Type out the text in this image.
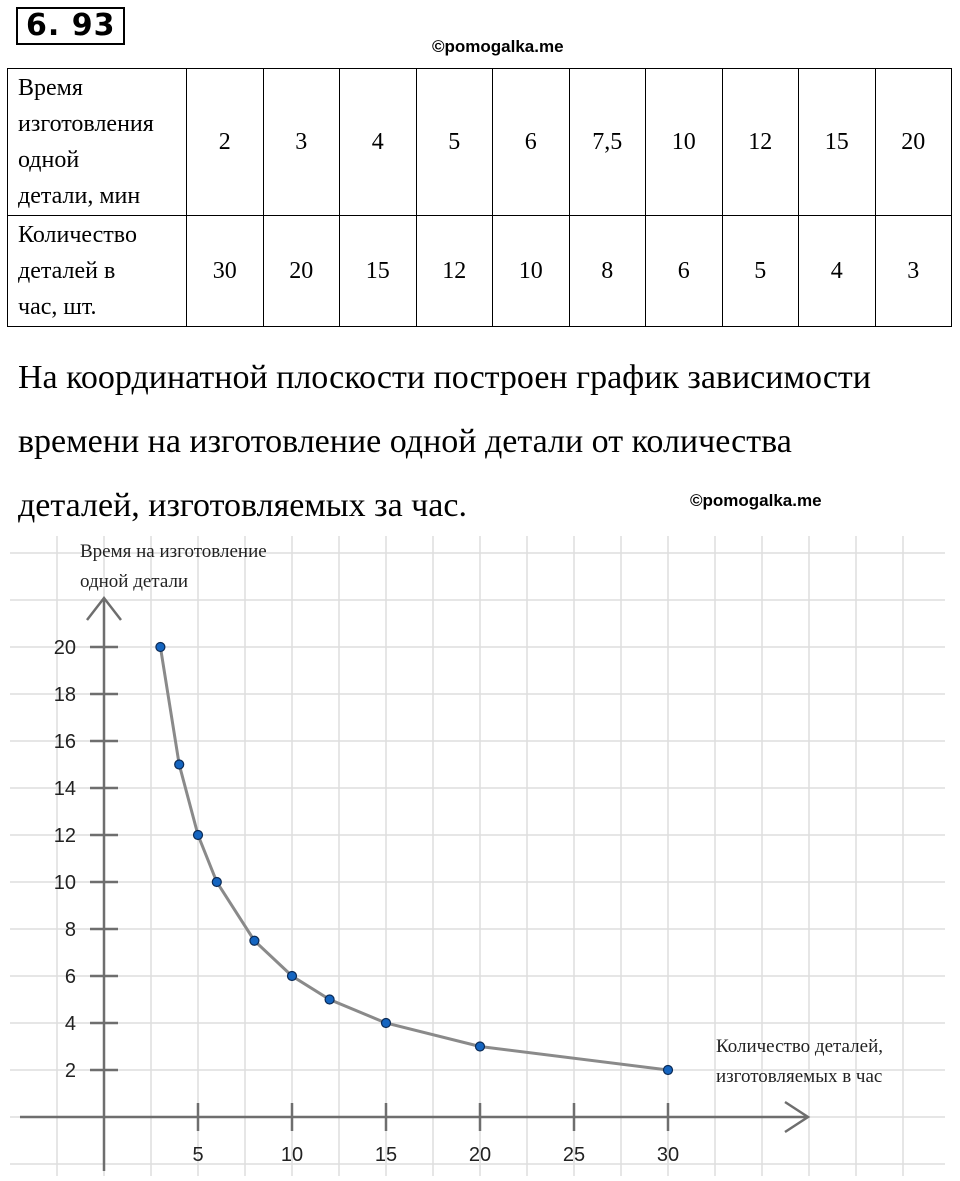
6. 93
©pomogalka.me
Время
изготовления
одной
детали, мин	2	3	4	5	6	7,5	10	12	15	20

Количество
деталей в
час, шт.	30	20	15	12	10	8	6	5	4	3
На координатной плоскости построен график зависимости
времени на изготовление одной детали от количества
деталей, изготовляемых за час.	©pomogalka.me
5	10	15	20	25	30
2
4
6
8
10
12
14
16
18
20
Время на изготовление
одной детали
Количество деталей,
изготовляемых в час
